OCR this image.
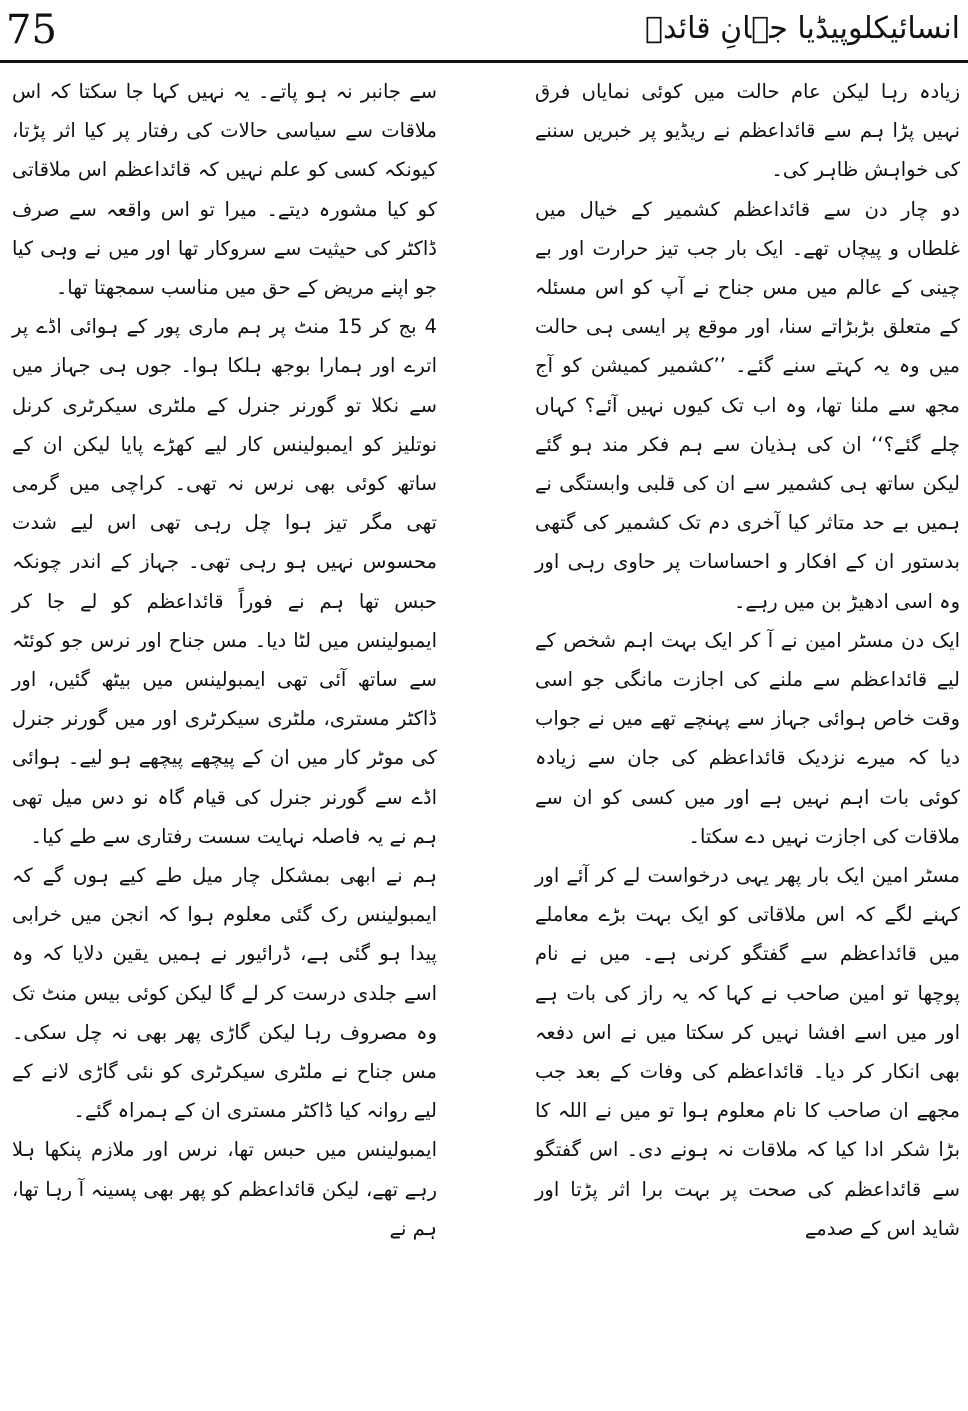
75	انسائیکلوپیڈیا جہانِ قائدؒ

زیادہ رہا لیکن عام حالت میں کوئی نمایاں فرق نہیں پڑا ہم سے قائداعظم نے ریڈیو پر خبریں سننے کی خواہش ظاہر کی۔

دو چار دن سے قائداعظم کشمیر کے خیال میں غلطاں و پیچاں تھے۔ ایک بار جب تیز حرارت اور بے چینی کے عالم میں مس جناح نے آپ کو اس مسئلہ کے متعلق بڑبڑاتے سنا، اور موقع پر ایسی ہی حالت میں وہ یہ کہتے سنے گئے۔ ’’کشمیر کمیشن کو آج مجھ سے ملنا تھا، وہ اب تک کیوں نہیں آئے؟ کہاں چلے گئے؟‘‘ ان کی ہذیان سے ہم فکر مند ہو گئے لیکن ساتھ ہی کشمیر سے ان کی قلبی وابستگی نے ہمیں بے حد متاثر کیا آخری دم تک کشمیر کی گتھی بدستور ان کے افکار و احساسات پر حاوی رہی اور وہ اسی ادھیڑ بن میں رہے۔

ایک دن مسٹر امین نے آ کر ایک بہت اہم شخص کے لیے قائداعظم سے ملنے کی اجازت مانگی جو اسی وقت خاص ہوائی جہاز سے پہنچے تھے میں نے جواب دیا کہ میرے نزدیک قائداعظم کی جان سے زیادہ کوئی بات اہم نہیں ہے اور میں کسی کو ان سے ملاقات کی اجازت نہیں دے سکتا۔

مسٹر امین ایک بار پھر یہی درخواست لے کر آئے اور کہنے لگے کہ اس ملاقاتی کو ایک بہت بڑے معاملے میں قائداعظم سے گفتگو کرنی ہے۔ میں نے نام پوچھا تو امین صاحب نے کہا کہ یہ راز کی بات ہے اور میں اسے افشا نہیں کر سکتا میں نے اس دفعہ بھی انکار کر دیا۔ قائداعظم کی وفات کے بعد جب مجھے ان صاحب کا نام معلوم ہوا تو میں نے اللہ کا بڑا شکر ادا کیا کہ ملاقات نہ ہونے دی۔ اس گفتگو سے قائداعظم کی صحت پر بہت برا اثر پڑتا اور شاید اس کے صدمے

سے جانبر نہ ہو پاتے۔ یہ نہیں کہا جا سکتا کہ اس ملاقات سے سیاسی حالات کی رفتار پر کیا اثر پڑتا، کیونکہ کسی کو علم نہیں کہ قائداعظم اس ملاقاتی کو کیا مشورہ دیتے۔ میرا تو اس واقعہ سے صرف ڈاکٹر کی حیثیت سے سروکار تھا اور میں نے وہی کیا جو اپنے مریض کے حق میں مناسب سمجھتا تھا۔

4 بج کر 15 منٹ پر ہم ماری پور کے ہوائی اڈے پر اترے اور ہمارا بوجھ ہلکا ہوا۔ جوں ہی جہاز میں سے نکلا تو گورنر جنرل کے ملٹری سیکرٹری کرنل نوتلیز کو ایمبولینس کار لیے کھڑے پایا لیکن ان کے ساتھ کوئی بھی نرس نہ تھی۔ کراچی میں گرمی تھی مگر تیز ہوا چل رہی تھی اس لیے شدت محسوس نہیں ہو رہی تھی۔ جہاز کے اندر چونکہ حبس تھا ہم نے فوراً قائداعظم کو لے جا کر ایمبولینس میں لٹا دیا۔ مس جناح اور نرس جو کوئٹہ سے ساتھ آئی تھی ایمبولینس میں بیٹھ گئیں، اور ڈاکٹر مستری، ملٹری سیکرٹری اور میں گورنر جنرل کی موٹر کار میں ان کے پیچھے پیچھے ہو لیے۔ ہوائی اڈے سے گورنر جنرل کی قیام گاہ نو دس میل تھی ہم نے یہ فاصلہ نہایت سست رفتاری سے طے کیا۔

ہم نے ابھی بمشکل چار میل طے کیے ہوں گے کہ ایمبولینس رک گئی معلوم ہوا کہ انجن میں خرابی پیدا ہو گئی ہے، ڈرائیور نے ہمیں یقین دلایا کہ وہ اسے جلدی درست کر لے گا لیکن کوئی بیس منٹ تک وہ مصروف رہا لیکن گاڑی پھر بھی نہ چل سکی۔ مس جناح نے ملٹری سیکرٹری کو نئی گاڑی لانے کے لیے روانہ کیا ڈاکٹر مستری ان کے ہمراہ گئے۔

ایمبولینس میں حبس تھا، نرس اور ملازم پنکھا ہلا رہے تھے، لیکن قائداعظم کو پھر بھی پسینہ آ رہا تھا، ہم نے
